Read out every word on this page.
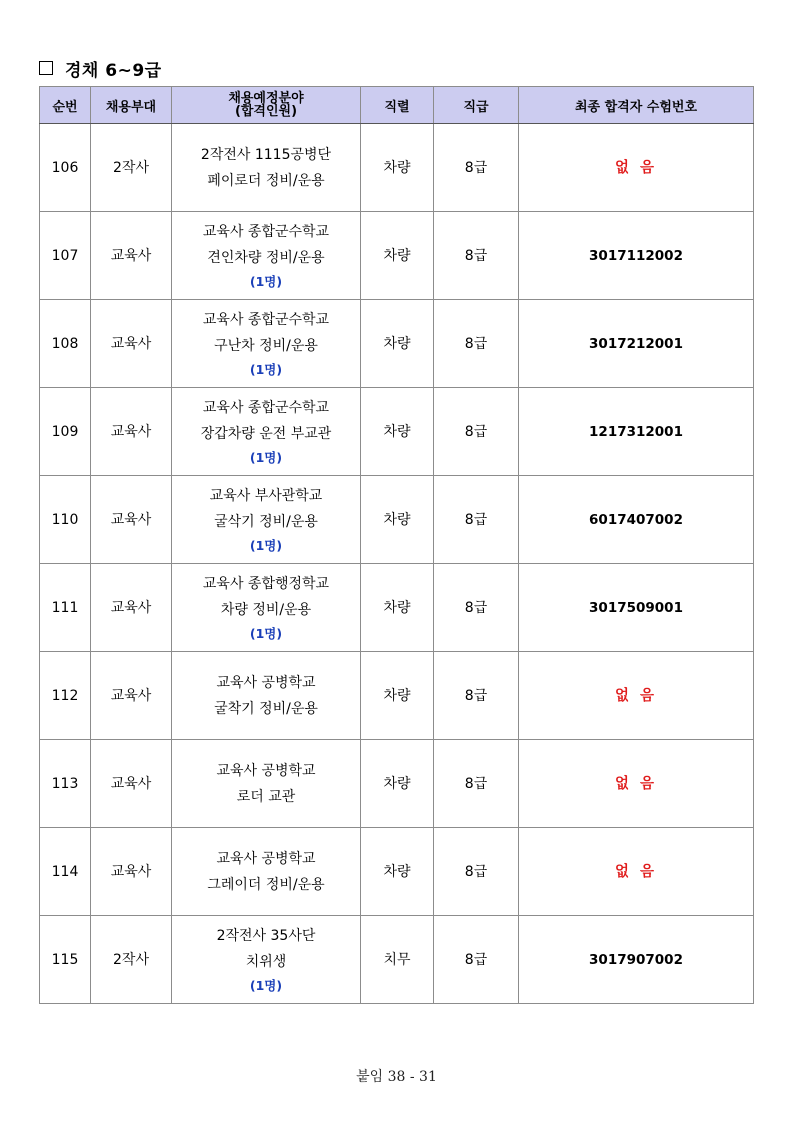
경채 6~9급
순번	채용부대	채용예정분야
(합격인원)	직렬	직급	최종 합격자 수험번호
106	2작사	2작전사 1115공병단
페이로더 정비/운용	차량	8급	없 음
107	교육사	교육사 종합군수학교
견인차량 정비/운용
(1명)	차량	8급	3017112002
108	교육사	교육사 종합군수학교
구난차 정비/운용
(1명)	차량	8급	3017212001
109	교육사	교육사 종합군수학교
장갑차량 운전 부교관
(1명)	차량	8급	1217312001
110	교육사	교육사 부사관학교
굴삭기 정비/운용
(1명)	차량	8급	6017407002
111	교육사	교육사 종합행정학교
차량 정비/운용
(1명)	차량	8급	3017509001
112	교육사	교육사 공병학교
굴착기 정비/운용	차량	8급	없 음
113	교육사	교육사 공병학교
로더 교관	차량	8급	없 음
114	교육사	교육사 공병학교
그레이더 정비/운용	차량	8급	없 음
115	2작사	2작전사 35사단
치위생
(1명)	치무	8급	3017907002
붙임 38 - 31
